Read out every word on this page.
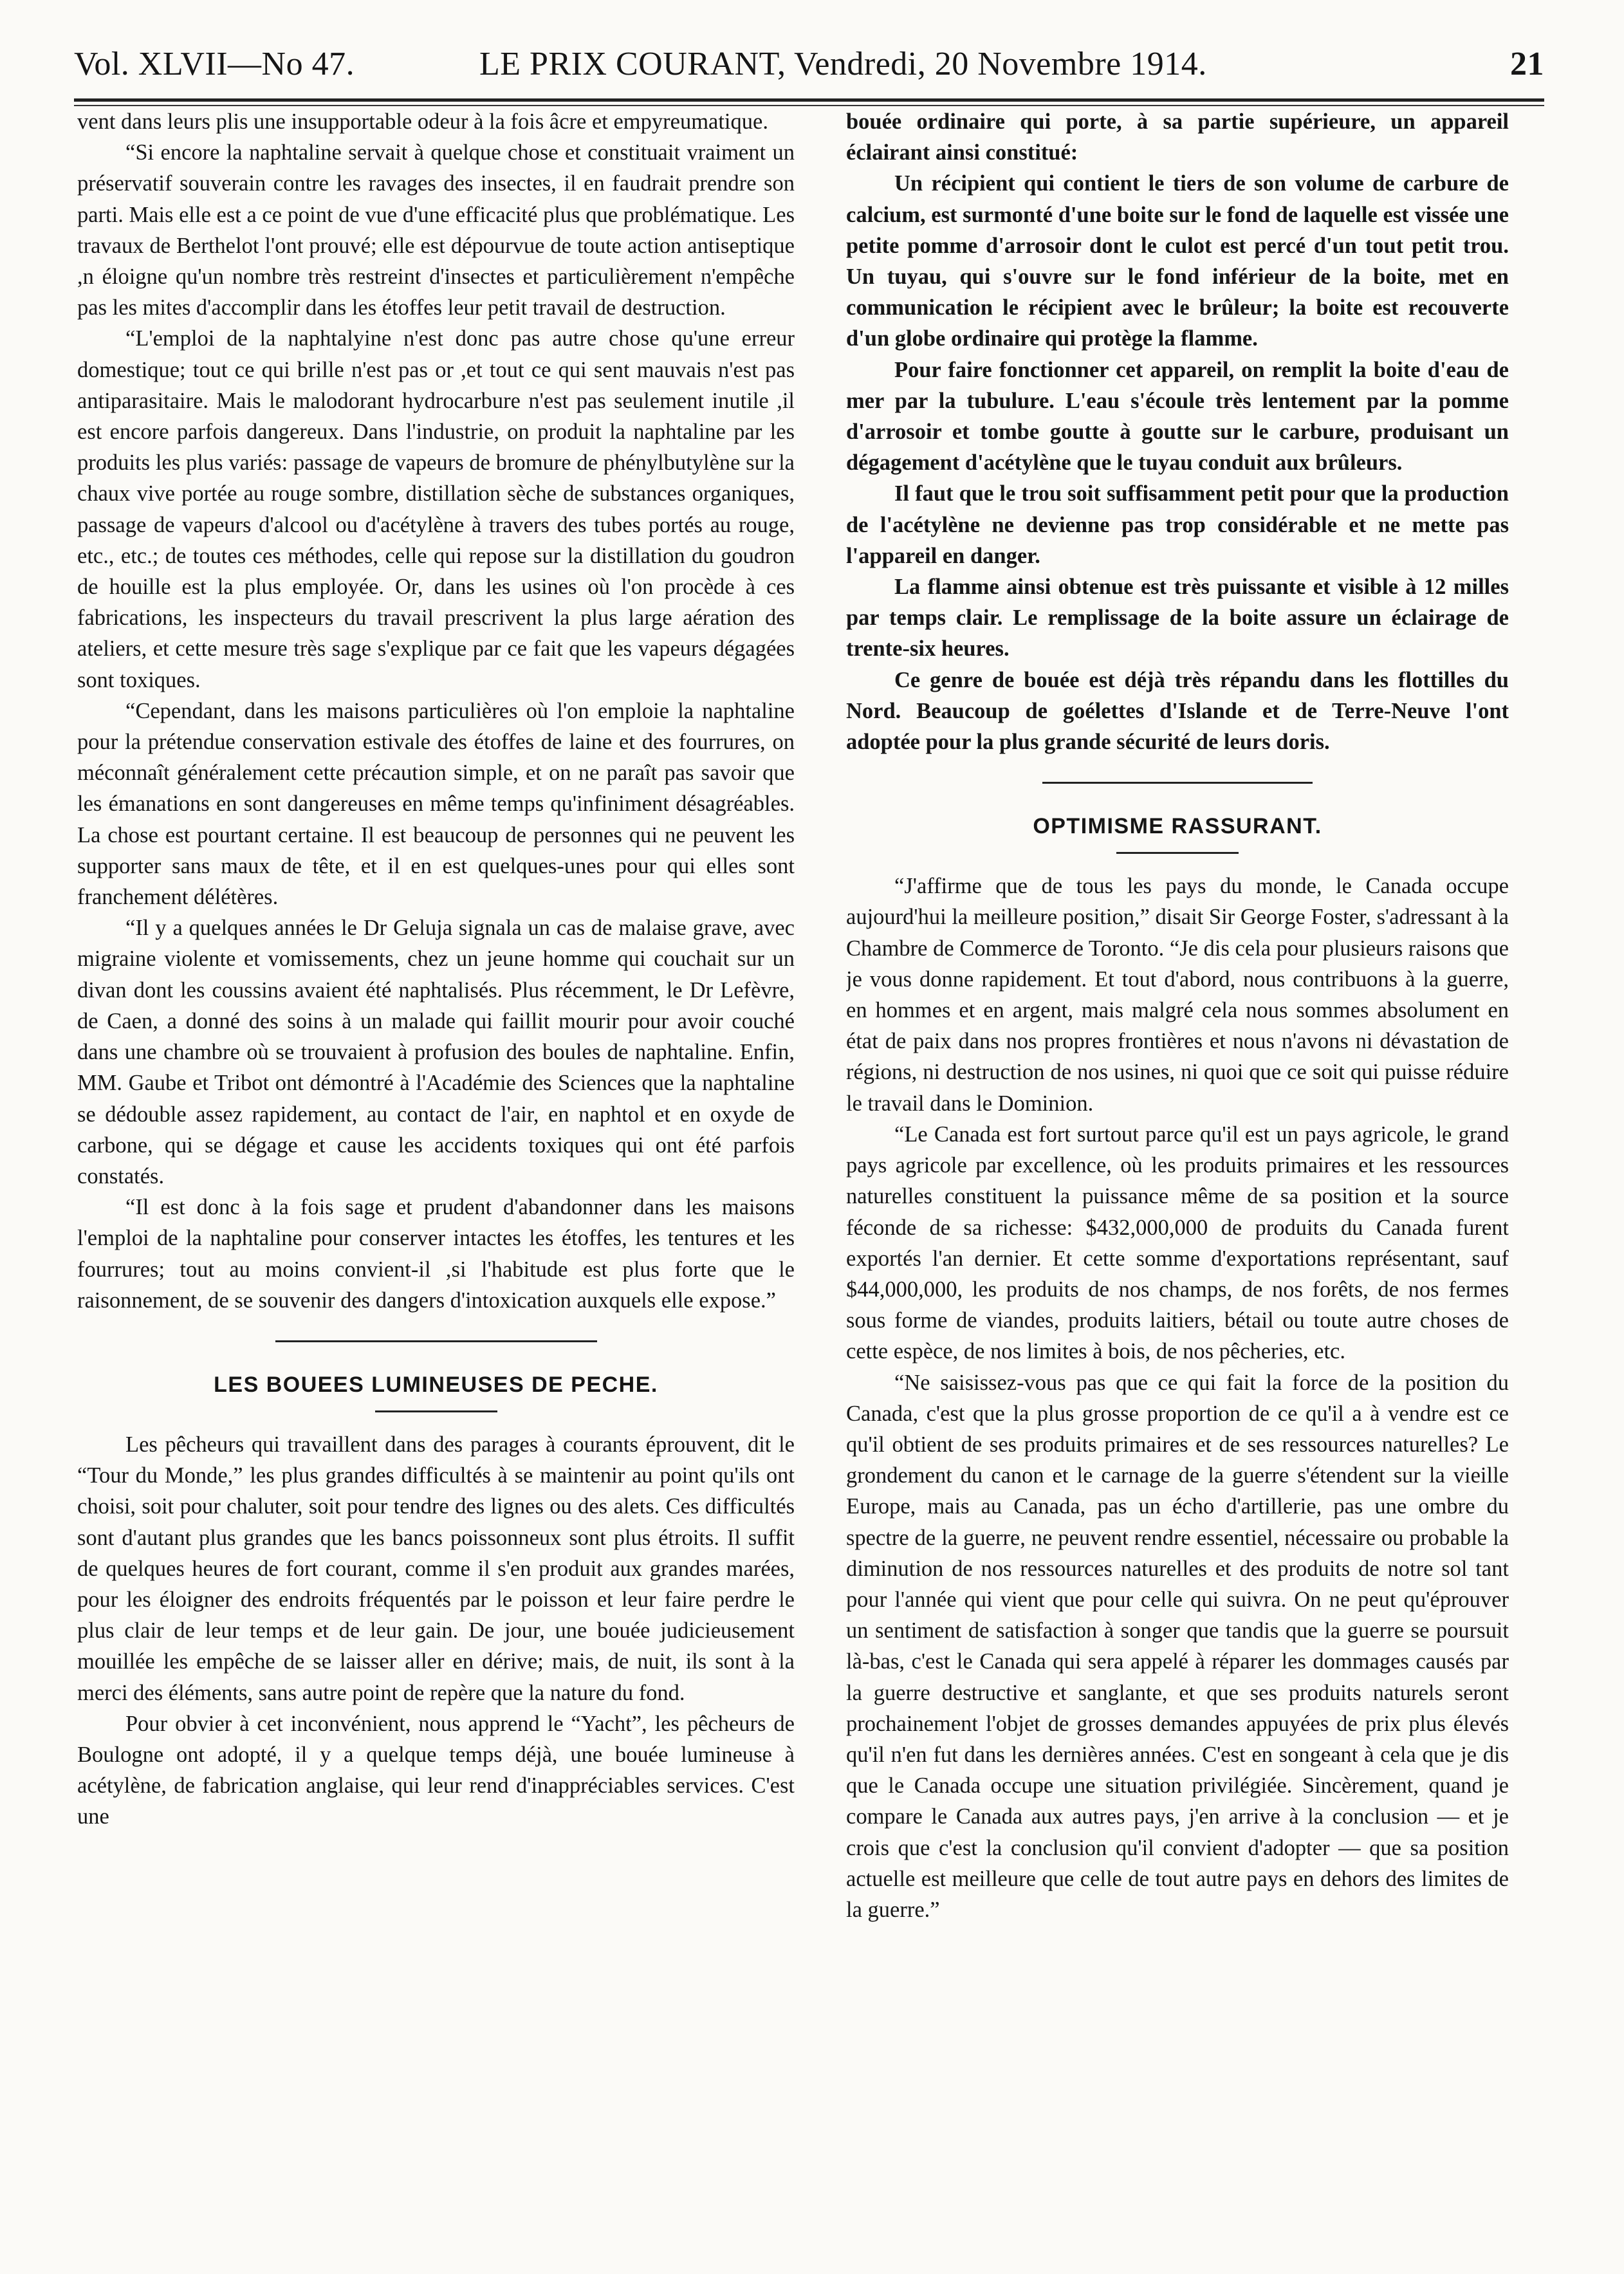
Vol. XLVII—No 47.	LE PRIX COURANT, Vendredi, 20 Novembre 1914.	21

vent dans leurs plis une insupportable odeur à la fois âcre et empyreumatique.

“Si encore la naphtaline servait à quelque chose et constituait vraiment un préservatif souverain contre les ravages des insectes, il en faudrait prendre son parti. Mais elle est a ce point de vue d'une efficacité plus que problématique. Les travaux de Berthelot l'ont prouvé; elle est dépourvue de toute action antiseptique ,n éloigne qu'un nombre très restreint d'insectes et particulièrement n'empêche pas les mites d'accomplir dans les étoffes leur petit travail de destruction.

“L'emploi de la naphtalyine n'est donc pas autre chose qu'une erreur domestique; tout ce qui brille n'est pas or ,et tout ce qui sent mauvais n'est pas antiparasitaire. Mais le malodorant hydrocarbure n'est pas seulement inutile ,il est encore parfois dangereux. Dans l'industrie, on produit la naphtaline par les produits les plus variés: passage de vapeurs de bromure de phénylbutylène sur la chaux vive portée au rouge sombre, distillation sèche de substances organiques, passage de vapeurs d'alcool ou d'acétylène à travers des tubes portés au rouge, etc., etc.; de toutes ces méthodes, celle qui repose sur la distillation du goudron de houille est la plus employée. Or, dans les usines où l'on procède à ces fabrications, les inspecteurs du travail prescrivent la plus large aération des ateliers, et cette mesure très sage s'explique par ce fait que les vapeurs dégagées sont toxiques.

“Cependant, dans les maisons particulières où l'on emploie la naphtaline pour la prétendue conservation estivale des étoffes de laine et des fourrures, on méconnaît généralement cette précaution simple, et on ne paraît pas savoir que les émanations en sont dangereuses en même temps qu'infiniment désagréables. La chose est pourtant certaine. Il est beaucoup de personnes qui ne peuvent les supporter sans maux de tête, et il en est quelques-unes pour qui elles sont franchement délétères.

“Il y a quelques années le Dr Geluja signala un cas de malaise grave, avec migraine violente et vomissements, chez un jeune homme qui couchait sur un divan dont les coussins avaient été naphtalisés. Plus récemment, le Dr Lefèvre, de Caen, a donné des soins à un malade qui faillit mourir pour avoir couché dans une chambre où se trouvaient à profusion des boules de naphtaline. Enfin, MM. Gaube et Tribot ont démontré à l'Académie des Sciences que la naphtaline se dédouble assez rapidement, au contact de l'air, en naphtol et en oxyde de carbone, qui se dégage et cause les accidents toxiques qui ont été parfois constatés.

“Il est donc à la fois sage et prudent d'abandonner dans les maisons l'emploi de la naphtaline pour conserver intactes les étoffes, les tentures et les fourrures; tout au moins convient-il ,si l'habitude est plus forte que le raisonnement, de se souvenir des dangers d'intoxication auxquels elle expose.”

LES BOUEES LUMINEUSES DE PECHE.

Les pêcheurs qui travaillent dans des parages à courants éprouvent, dit le “Tour du Monde,” les plus grandes difficultés à se maintenir au point qu'ils ont choisi, soit pour chaluter, soit pour tendre des lignes ou des alets. Ces difficultés sont d'autant plus grandes que les bancs poissonneux sont plus étroits. Il suffit de quelques heures de fort courant, comme il s'en produit aux grandes marées, pour les éloigner des endroits fréquentés par le poisson et leur faire perdre le plus clair de leur temps et de leur gain. De jour, une bouée judicieusement mouillée les empêche de se laisser aller en dérive; mais, de nuit, ils sont à la merci des éléments, sans autre point de repère que la nature du fond.

Pour obvier à cet inconvénient, nous apprend le “Yacht”, les pêcheurs de Boulogne ont adopté, il y a quelque temps déjà, une bouée lumineuse à acétylène, de fabrication anglaise, qui leur rend d'inappréciables services. C'est une

bouée ordinaire qui porte, à sa partie supérieure, un appareil éclairant ainsi constitué:

Un récipient qui contient le tiers de son volume de carbure de calcium, est surmonté d'une boite sur le fond de laquelle est vissée une petite pomme d'arrosoir dont le culot est percé d'un tout petit trou. Un tuyau, qui s'ouvre sur le fond inférieur de la boite, met en communication le récipient avec le brûleur; la boite est recouverte d'un globe ordinaire qui protège la flamme.

Pour faire fonctionner cet appareil, on remplit la boite d'eau de mer par la tubulure. L'eau s'écoule très lentement par la pomme d'arrosoir et tombe goutte à goutte sur le carbure, produisant un dégagement d'acétylène que le tuyau conduit aux brûleurs.

Il faut que le trou soit suffisamment petit pour que la production de l'acétylène ne devienne pas trop considérable et ne mette pas l'appareil en danger.

La flamme ainsi obtenue est très puissante et visible à 12 milles par temps clair. Le remplissage de la boite assure un éclairage de trente-six heures.

Ce genre de bouée est déjà très répandu dans les flottilles du Nord. Beaucoup de goélettes d'Islande et de Terre-Neuve l'ont adoptée pour la plus grande sécurité de leurs doris.

OPTIMISME RASSURANT.

“J'affirme que de tous les pays du monde, le Canada occupe aujourd'hui la meilleure position,” disait Sir George Foster, s'adressant à la Chambre de Commerce de Toronto. “Je dis cela pour plusieurs raisons que je vous donne rapidement. Et tout d'abord, nous contribuons à la guerre, en hommes et en argent, mais malgré cela nous sommes absolument en état de paix dans nos propres frontières et nous n'avons ni dévastation de régions, ni destruction de nos usines, ni quoi que ce soit qui puisse réduire le travail dans le Dominion.

“Le Canada est fort surtout parce qu'il est un pays agricole, le grand pays agricole par excellence, où les produits primaires et les ressources naturelles constituent la puissance même de sa position et la source féconde de sa richesse: $432,000,000 de produits du Canada furent exportés l'an dernier. Et cette somme d'exportations représentant, sauf $44,000,000, les produits de nos champs, de nos forêts, de nos fermes sous forme de viandes, produits laitiers, bétail ou toute autre choses de cette espèce, de nos limites à bois, de nos pêcheries, etc.

“Ne saisissez-vous pas que ce qui fait la force de la position du Canada, c'est que la plus grosse proportion de ce qu'il a à vendre est ce qu'il obtient de ses produits primaires et de ses ressources naturelles? Le grondement du canon et le carnage de la guerre s'étendent sur la vieille Europe, mais au Canada, pas un écho d'artillerie, pas une ombre du spectre de la guerre, ne peuvent rendre essentiel, nécessaire ou probable la diminution de nos ressources naturelles et des produits de notre sol tant pour l'année qui vient que pour celle qui suivra. On ne peut qu'éprouver un sentiment de satisfaction à songer que tandis que la guerre se poursuit là-bas, c'est le Canada qui sera appelé à réparer les dommages causés par la guerre destructive et sanglante, et que ses produits naturels seront prochainement l'objet de grosses demandes appuyées de prix plus élevés qu'il n'en fut dans les dernières années. C'est en songeant à cela que je dis que le Canada occupe une situation privilégiée. Sincèrement, quand je compare le Canada aux autres pays, j'en arrive à la conclusion — et je crois que c'est la conclusion qu'il convient d'adopter — que sa position actuelle est meilleure que celle de tout autre pays en dehors des limites de la guerre.”
